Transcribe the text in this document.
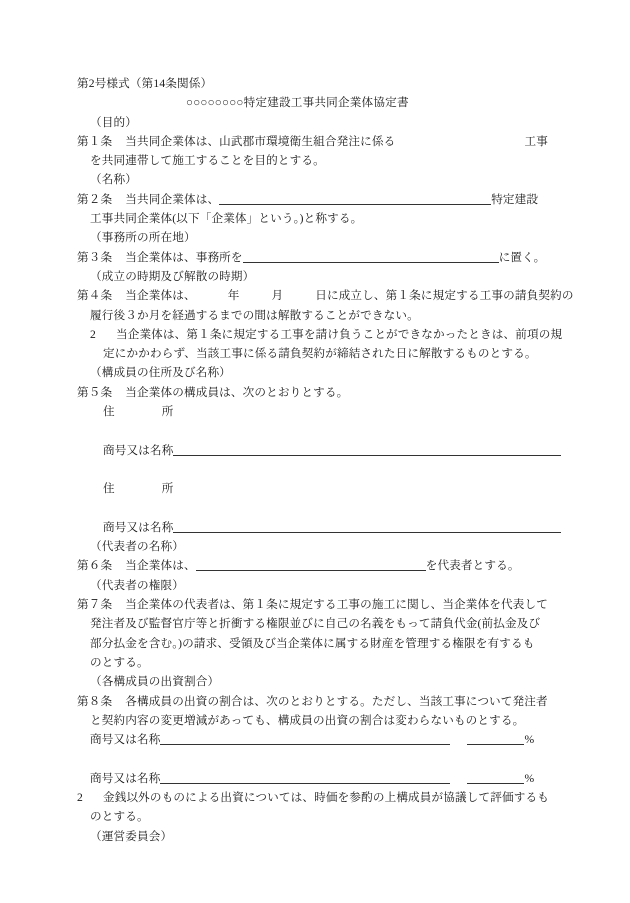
第2号様式（第14条関係）
○○○○○○○○特定建設工事共同企業体協定書
（目的）
第１条 当共同企業体は、山武郡市環境衛生組合発注に係る	工事
を共同連帯して施工することを目的とする。
（名称）
第２条 当共同企業体は、	特定建設
工事共同企業体(以下「企業体」という。)と称する。
（事務所の所在地）
第３条 当企業体は、事務所を	に置く。
（成立の時期及び解散の時期）
第４条 当企業体は、	年	月	日に成立し、第１条に規定する工事の請負契約の
履行後３か月を経過するまでの間は解散することができない。
2 当企業体は、第１条に規定する工事を請け負うことができなかったときは、前項の規
定にかかわらず、当該工事に係る請負契約が締結された日に解散するものとする。
（構成員の住所及び名称）
第５条 当企業体の構成員は、次のとおりとする。
住　　　　所
商号又は名称
住　　　　所
商号又は名称
（代表者の名称）
第６条 当企業体は、	を代表者とする。
（代表者の権限）
第７条 当企業体の代表者は、第１条に規定する工事の施工に関し、当企業体を代表して
発注者及び監督官庁等と折衝する権限並びに自己の名義をもって請負代金(前払金及び
部分払金を含む。)の請求、受領及び当企業体に属する財産を管理する権限を有するも
のとする。
（各構成員の出資割合）
第８条 各構成員の出資の割合は、次のとおりとする。ただし、当該工事について発注者
と契約内容の変更増減があっても、構成員の出資の割合は変わらないものとする。
商号又は名称	%
商号又は名称	%
2 金銭以外のものによる出資については、時価を参酌の上構成員が協議して評価するも
のとする。
（運営委員会）
